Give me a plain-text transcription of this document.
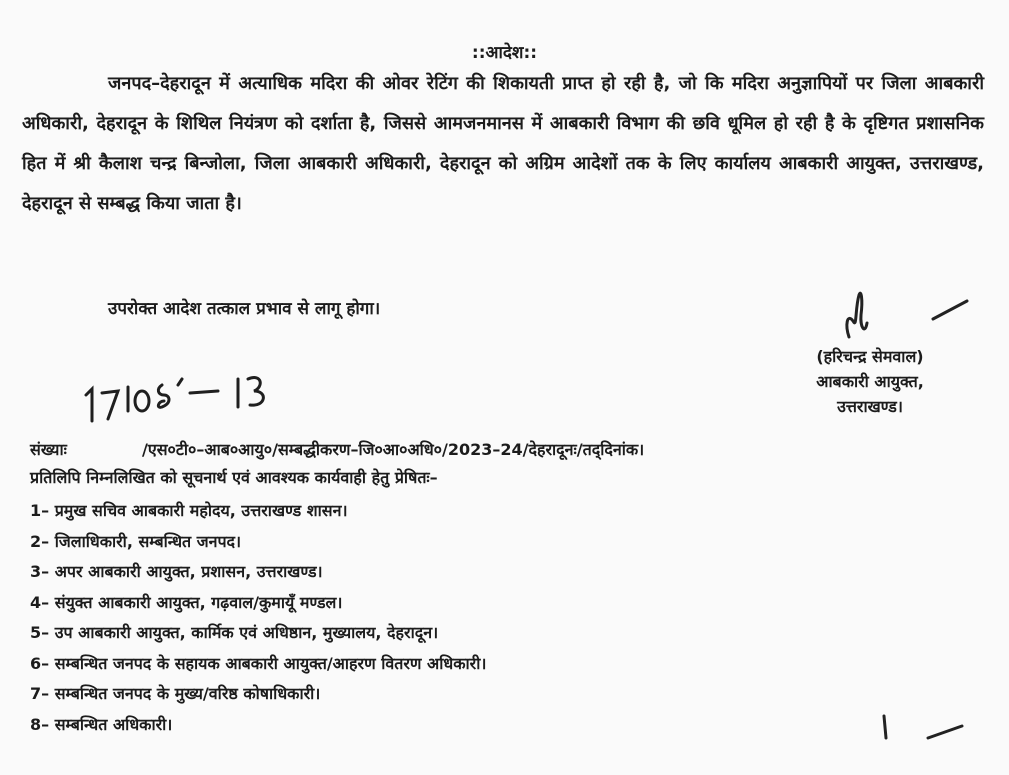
::आदेश::
जनपद–देहरादून में अत्याधिक मदिरा की ओवर रेटिंग की शिकायती प्राप्त हो रही है, जो कि मदिरा अनुज्ञापियों पर जिला आबकारी अधिकारी, देहरादून के शिथिल नियंत्रण को दर्शाता है, जिससे आमजनमानस में आबकारी विभाग की छवि धूमिल हो रही है के दृष्टिगत प्रशासनिक हित में श्री कैलाश चन्द्र बिन्जोला, जिला आबकारी अधिकारी, देहरादून को अग्रिम आदेशों तक के लिए कार्यालय आबकारी आयुक्त, उत्तराखण्ड, देहरादून से सम्बद्ध किया जाता है।
उपरोक्त आदेश तत्काल प्रभाव से लागू होगा।
(हरिचन्द्र सेमवाल)
आबकारी आयुक्त,
उत्तराखण्ड।
संख्याः	/एस०टी०–आब०आयु०/सम्बद्धीकरण–जि०आ०अधि०/2023–24/देहरादूनः/तद्‌दिनांक।
प्रतिलिपि निम्नलिखित को सूचनार्थ एवं आवश्यक कार्यवाही हेतु प्रेषितः–
1– प्रमुख सचिव आबकारी महोदय, उत्तराखण्ड शासन।
2– जिलाधिकारी, सम्बन्धित जनपद।
3– अपर आबकारी आयुक्त, प्रशासन, उत्तराखण्ड।
4– संयुक्त आबकारी आयुक्त, गढ़वाल/कुमायूँ मण्डल।
5– उप आबकारी आयुक्त, कार्मिक एवं अधिष्ठान, मुख्यालय, देहरादून।
6– सम्बन्धित जनपद के सहायक आबकारी आयुक्त/आहरण वितरण अधिकारी।
7– सम्बन्धित जनपद के मुख्य/वरिष्ठ कोषाधिकारी।
8– सम्बन्धित अधिकारी।
